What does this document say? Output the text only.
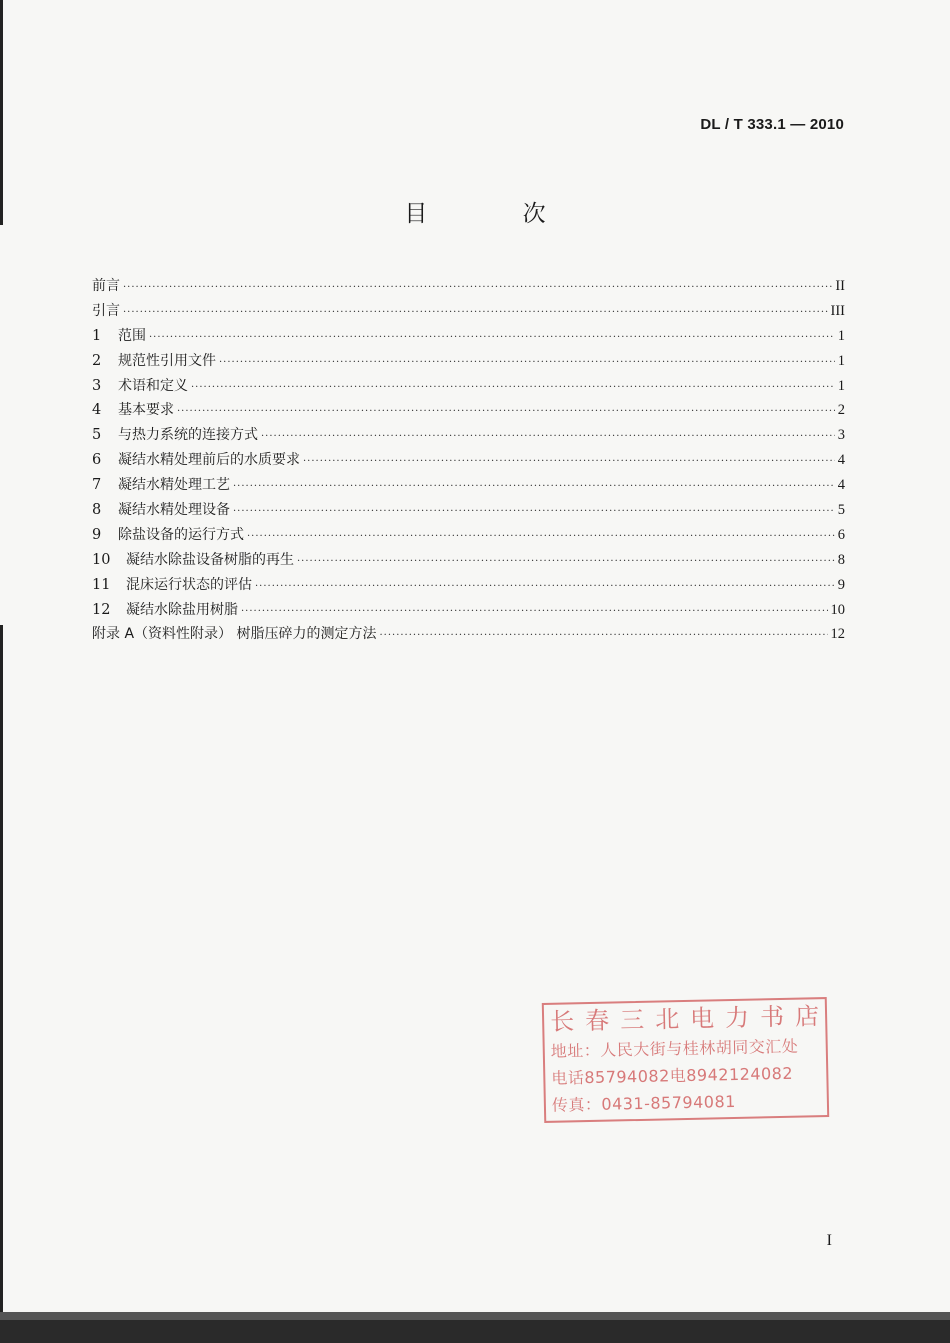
DL / T 333.1 — 2010
目 次
前言 ·····	II
引言 ·····	III
1	范围 ·····	1
2	规范性引用文件 ·····	1
3	术语和定义 ·····	1
4	基本要求 ·····	2
5	与热力系统的连接方式 ·····	3
6	凝结水精处理前后的水质要求 ·····	4
7	凝结水精处理工艺 ·····	4
8	凝结水精处理设备 ·····	5
9	除盐设备的运行方式 ·····	6
10	凝结水除盐设备树脂的再生 ·····	8
11	混床运行状态的评估 ·····	9
12	凝结水除盐用树脂 ·····	10
附录 A（资料性附录） 树脂压碎力的测定方法 ·····	12
长春三北电力书店
地址：人民大街与桂林胡同交汇处
电话85794082电894212408​2
传真：0431-85794081
I
